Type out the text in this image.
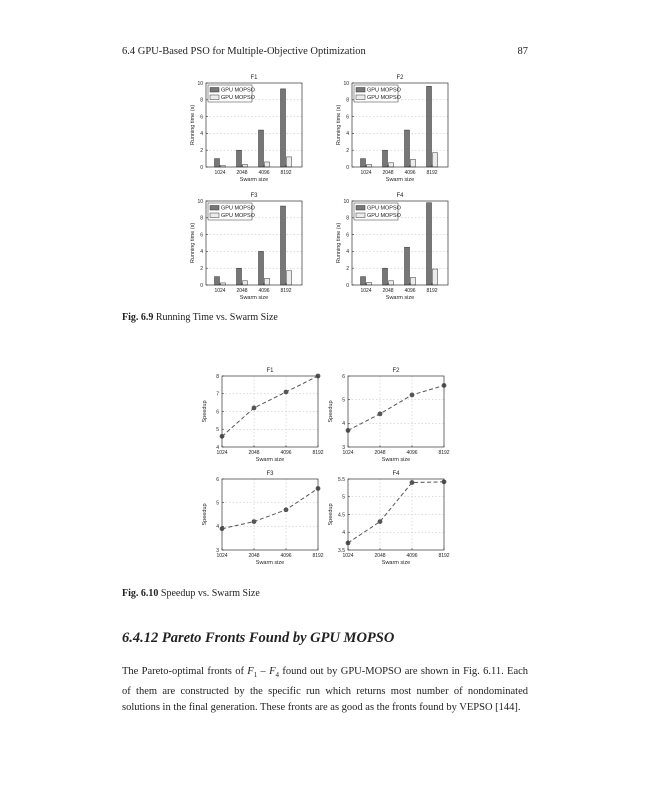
6.4 GPU-Based PSO for Multiple-Objective Optimization	87
F1
0
2
4
6
8
10
1024 2048 4096 8192
Swarm size
Running time (s)
GPU MOPSO
GPU MOPSO
F2
0
2
4
6
8
10
1024 2048 4096 8192
Swarm size
Running time (s)
GPU MOPSO
GPU MOPSO
F3
0
2
4
6
8
10
1024 2048 4096 8192
Swarm size
Running time (s)
GPU MOPSO
GPU MOPSO
F4
0
2
4
6
8
10
1024 2048 4096 8192
Swarm size
Running time (s)
GPU MOPSO
GPU MOPSO
Fig. 6.9 Running Time vs. Swarm Size
F1
4
5
6
7
8
1024	2048	4096	8192
Swarm size
Speedup
F2
3
4
5
6
1024	2048	4096	8192
Swarm size
Speedup
F3
3
4
5
6
1024	2048	4096	8192
Swarm size
Speedup
F4
3.5
4
4.5
5
5.5
1024	2048	4096	8192
Swarm size
Speedup
Fig. 6.10 Speedup vs. Swarm Size
6.4.12 Pareto Fronts Found by GPU MOPSO

The Pareto-optimal fronts of $F_1 - F_4$ found out by GPU-MOPSO are shown in Fig. 6.11. Each of them are constructed by the specific run which returns most number of nondominated solutions in the final generation. These fronts are as good as the fronts found by VEPSO [144].
